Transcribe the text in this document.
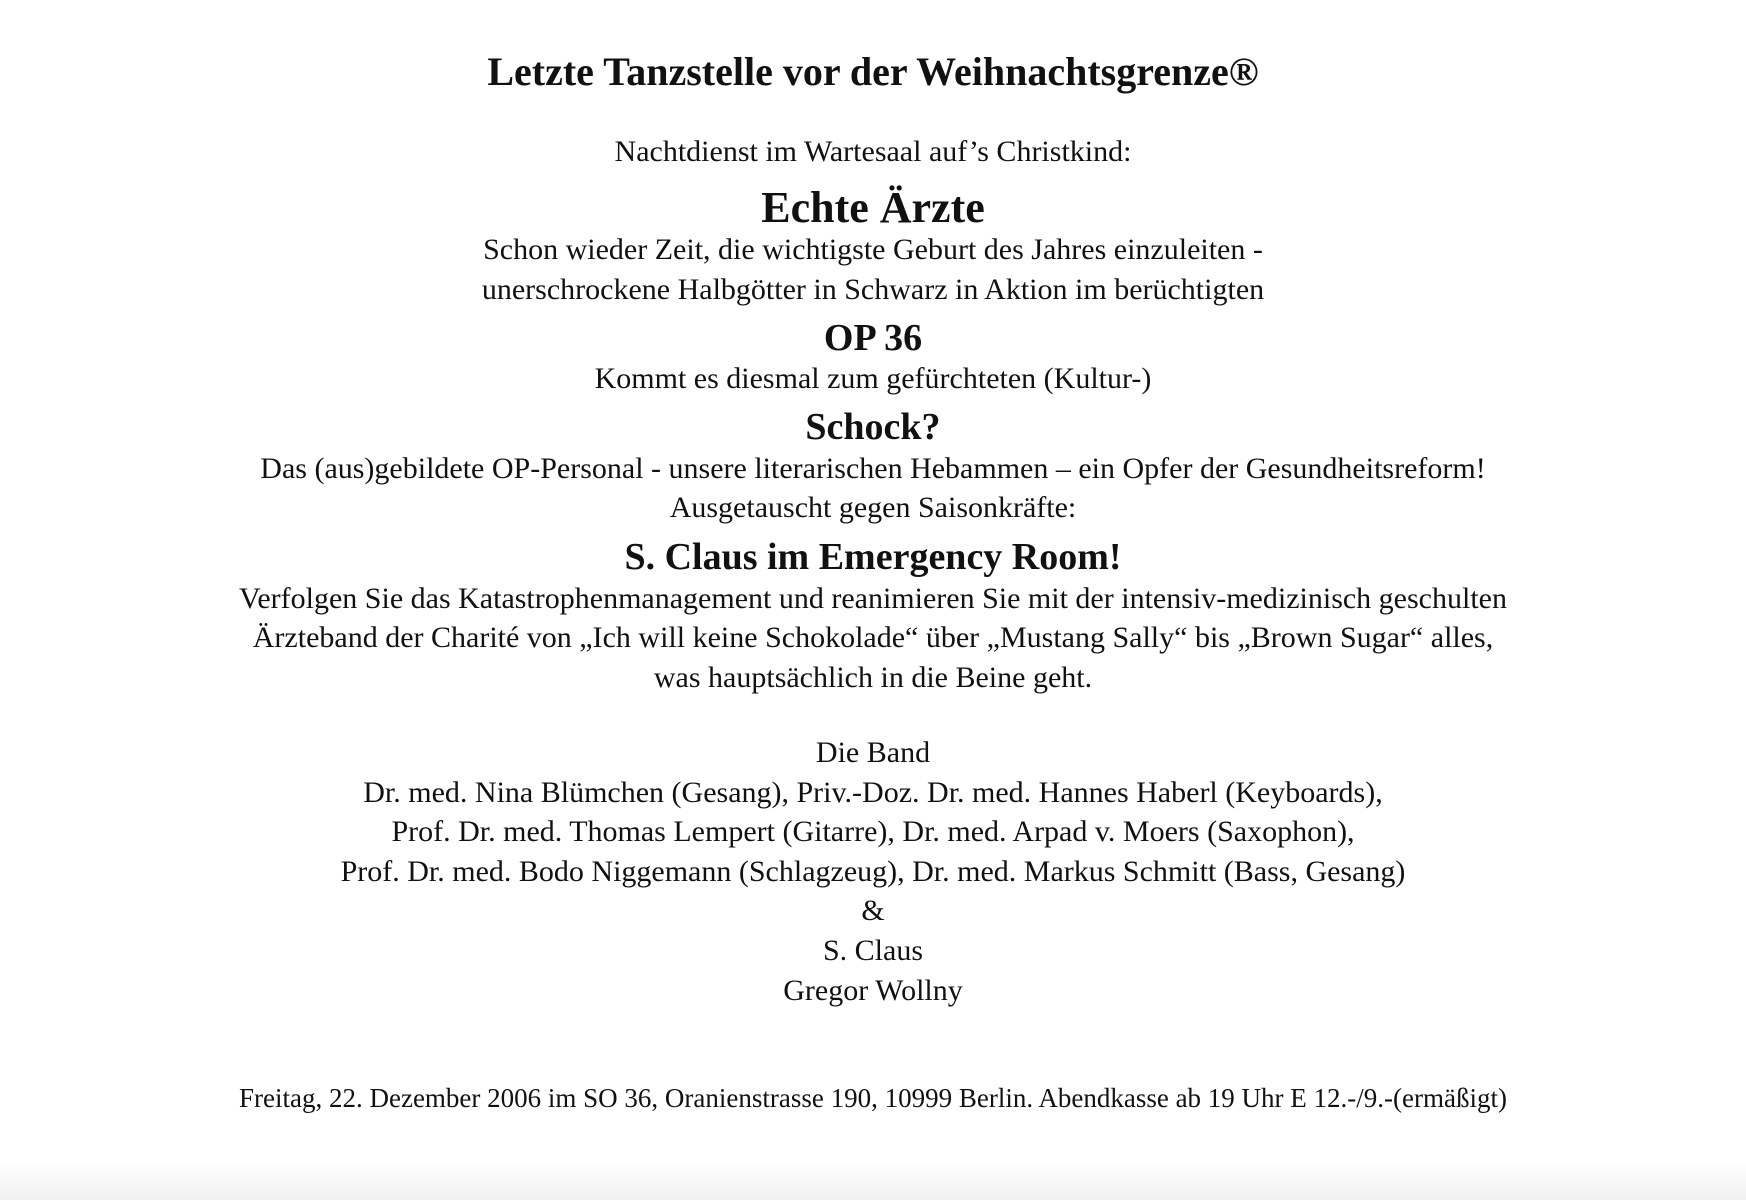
Letzte Tanzstelle vor der Weihnachtsgrenze®

Nachtdienst im Wartesaal auf’s Christkind:

Echte Ärzte

Schon wieder Zeit, die wichtigste Geburt des Jahres einzuleiten -

unerschrockene Halbgötter in Schwarz in Aktion im berüchtigten

OP 36

Kommt es diesmal zum gefürchteten (Kultur-)

Schock?

Das (aus)gebildete OP-Personal - unsere literarischen Hebammen – ein Opfer der Gesundheitsreform!

Ausgetauscht gegen Saisonkräfte:

S. Claus im Emergency Room!

Verfolgen Sie das Katastrophenmanagement und reanimieren Sie mit der intensiv-medizinisch geschulten

Ärzteband der Charité von „Ich will keine Schokolade“ über „Mustang Sally“ bis „Brown Sugar“ alles,

was hauptsächlich in die Beine geht.

Die Band

Dr. med. Nina Blümchen (Gesang), Priv.-Doz. Dr. med. Hannes Haberl (Keyboards),

Prof. Dr. med. Thomas Lempert (Gitarre), Dr. med. Arpad v. Moers (Saxophon),

Prof. Dr. med. Bodo Niggemann (Schlagzeug), Dr. med. Markus Schmitt (Bass, Gesang)

&

S. Claus

Gregor Wollny

Freitag, 22. Dezember 2006 im SO 36, Oranienstrasse 190, 10999 Berlin. Abendkasse ab 19 Uhr E 12.-/9.-(ermäßigt)
